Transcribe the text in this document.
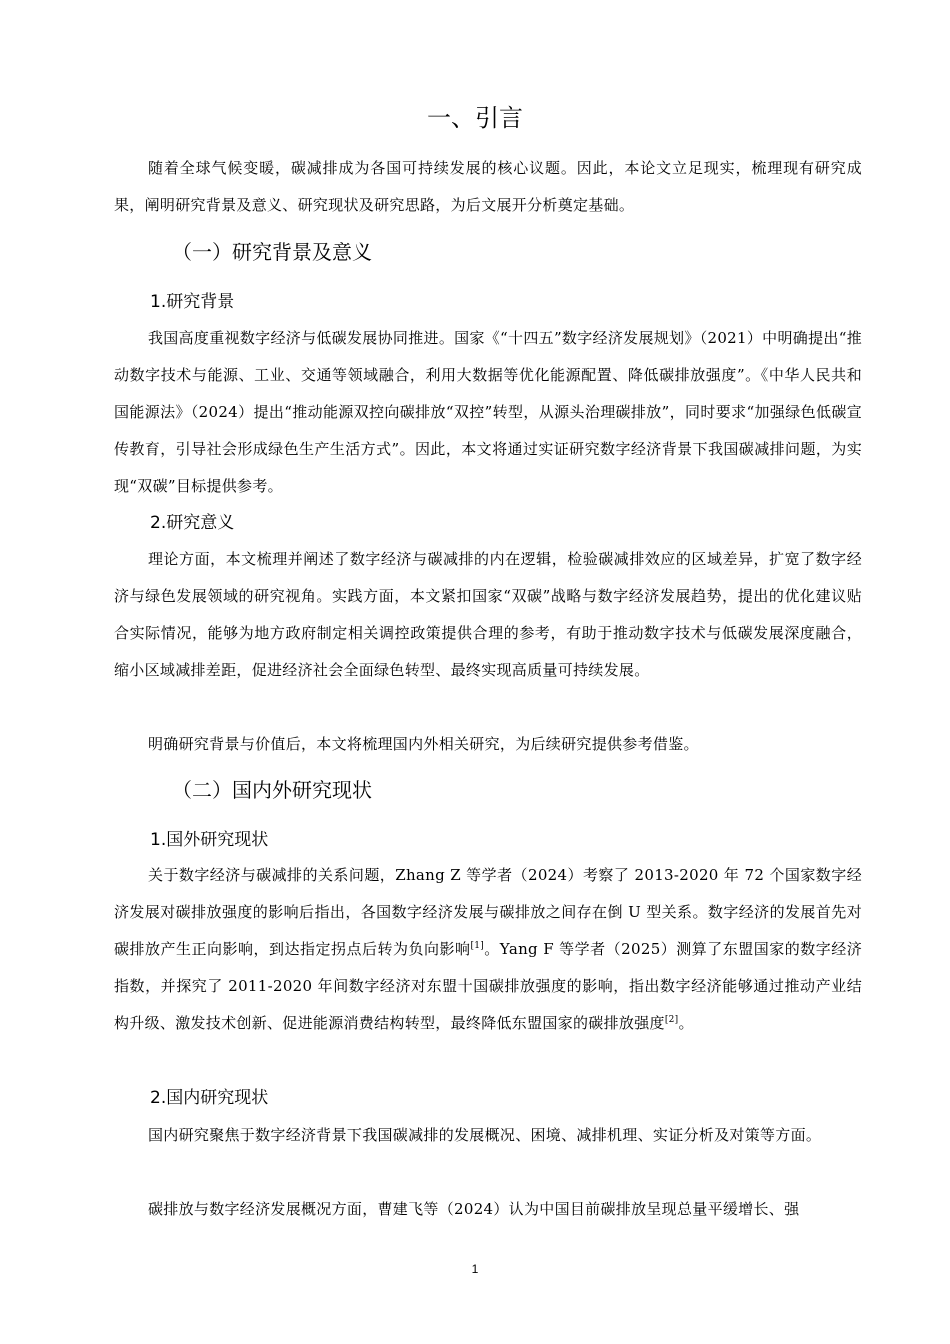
一、引言

随着全球气候变暖，碳减排成为各国可持续发展的核心议题。因此，本论文立足现实，梳理现有研究成果，阐明研究背景及意义、研究现状及研究思路，为后文展开分析奠定基础。

（一）研究背景及意义
1.研究背景

我国高度重视数字经济与低碳发展协同推进。国家《“十四五”数字经济发展规划》（2021）中明确提出“推动数字技术与能源、工业、交通等领域融合，利用大数据等优化能源配置、降低碳排放强度”。《中华人民共和国能源法》（2024）提出“推动能源双控向碳排放“双控”转型，从源头治理碳排放”，同时要求“加强绿色低碳宣传教育，引导社会形成绿色生产生活方式”。因此，本文将通过实证研究数字经济背景下我国碳减排问题，为实现“双碳”目标提供参考。

2.研究意义

理论方面，本文梳理并阐述了数字经济与碳减排的内在逻辑，检验碳减排效应的区域差异，扩宽了数字经济与绿色发展领域的研究视角。实践方面，本文紧扣国家“双碳”战略与数字经济发展趋势，提出的优化建议贴合实际情况，能够为地方政府制定相关调控政策提供合理的参考，有助于推动数字技术与低碳发展深度融合，缩小区域减排差距，促进经济社会全面绿色转型、最终实现高质量可持续发展。

明确研究背景与价值后，本文将梳理国内外相关研究，为后续研究提供参考借鉴。

（二）国内外研究现状
1.国外研究现状

关于数字经济与碳减排的关系问题，Zhang Z 等学者（2024）考察了 2013-2020 年 72 个国家数字经济发展对碳排放强度的影响后指出，各国数字经济发展与碳排放之间存在倒 U 型关系。数字经济的发展首先对碳排放产生正向影响，到达指定拐点后转为负向影响[1]。Yang F 等学者（2025）测算了东盟国家的数字经济指数，并探究了 2011-2020 年间数字经济对东盟十国碳排放强度的影响，指出数字经济能够通过推动产业结构升级、激发技术创新、促进能源消费结构转型，最终降低东盟国家的碳排放强度[2]。

2.国内研究现状

国内研究聚焦于数字经济背景下我国碳减排的发展概况、困境、减排机理、实证分析及对策等方面。

碳排放与数字经济发展概况方面，曹建飞等（2024）认为中国目前碳排放呈现总量平缓增长、强

1
